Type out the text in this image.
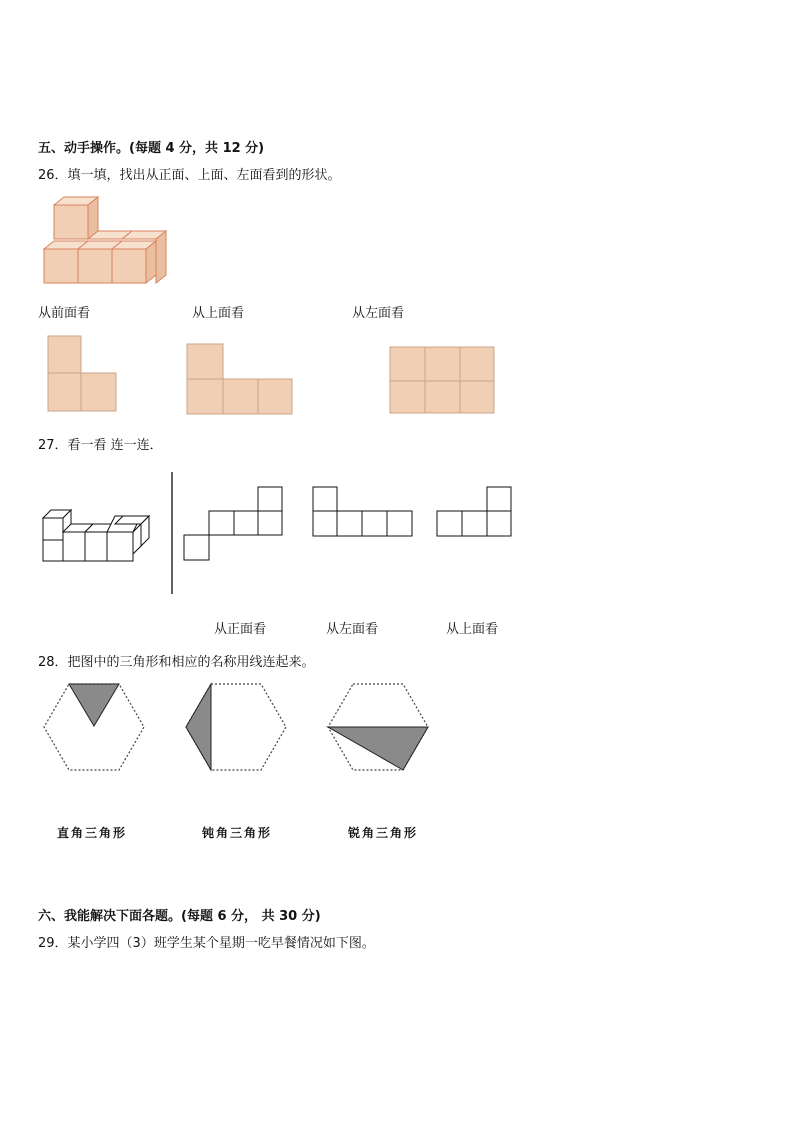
五、动手操作。(每题 4 分，共 12 分)
26．填一填，找出从正面、上面、左面看到的形状。
从前面看	从上面看	从左面看
27．看一看 连一连．
从正面看	从左面看	从上面看
28．把图中的三角形和相应的名称用线连起来。
直角三角形	钝角三角形	锐角三角形
六、我能解决下面各题。(每题 6 分， 共 30 分)
29．某小学四（3）班学生某个星期一吃早餐情况如下图。
